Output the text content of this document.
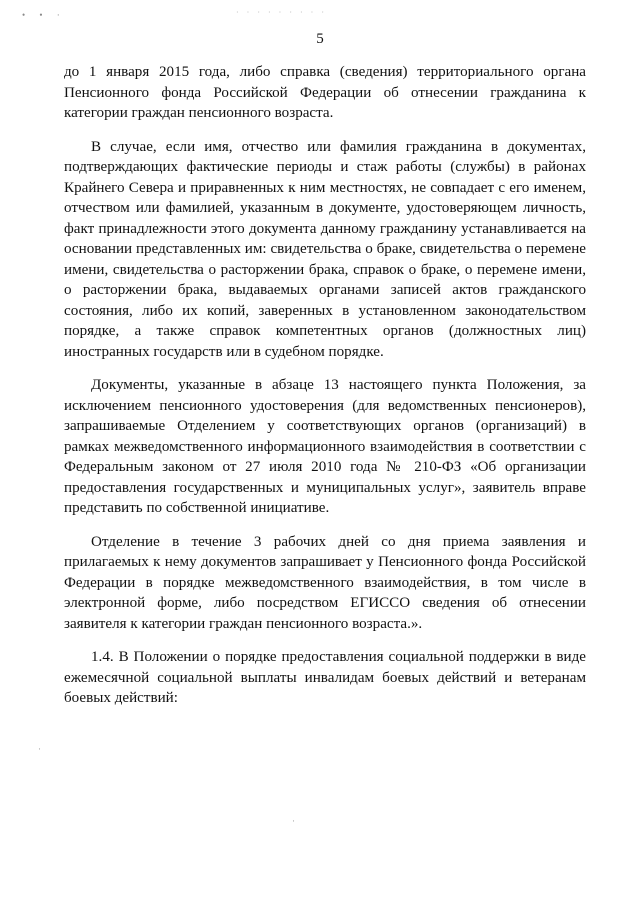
• • ·	· · · · · · · · ·
5

до 1 января 2015 года, либо справка (сведения) территориального органа Пенсионного фонда Российской Федерации об отнесении гражданина к категории граждан пенсионного возраста.

В случае, если имя, отчество или фамилия гражданина в документах, подтверждающих фактические периоды и стаж работы (службы) в районах Крайнего Севера и приравненных к ним местностях, не совпадает с его именем, отчеством или фамилией, указанным в документе, удостоверяющем личность, факт принадлежности этого документа данному гражданину устанавливается на основании представленных им: свидетельства о браке, свидетельства о перемене имени, свидетельства о расторжении брака, справок о браке, о перемене имени, о расторжении брака, выдаваемых органами записей актов гражданского состояния, либо их копий, заверенных в установленном законодательством порядке, а также справок компетентных органов (должностных лиц) иностранных государств или в судебном порядке.

Документы, указанные в абзаце 13 настоящего пункта Положения, за исключением пенсионного удостоверения (для ведомственных пенсионеров), запрашиваемые Отделением у соответствующих органов (организаций) в рамках межведомственного информационного взаимодействия в соответствии с Федеральным законом от 27 июля 2010 года № 210-ФЗ «Об организации предоставления государственных и муниципальных услуг», заявитель вправе представить по собственной инициативе.

Отделение в течение 3 рабочих дней со дня приема заявления и прилагаемых к нему документов запрашивает у Пенсионного фонда Российской Федерации в порядке межведомственного взаимодействия, в том числе в электронной форме, либо посредством ЕГИССО сведения об отнесении заявителя к категории граждан пенсионного возраста.».

1.4. В Положении о порядке предоставления социальной поддержки в виде ежемесячной социальной выплаты инвалидам боевых действий и ветеранам боевых действий:

·
·
